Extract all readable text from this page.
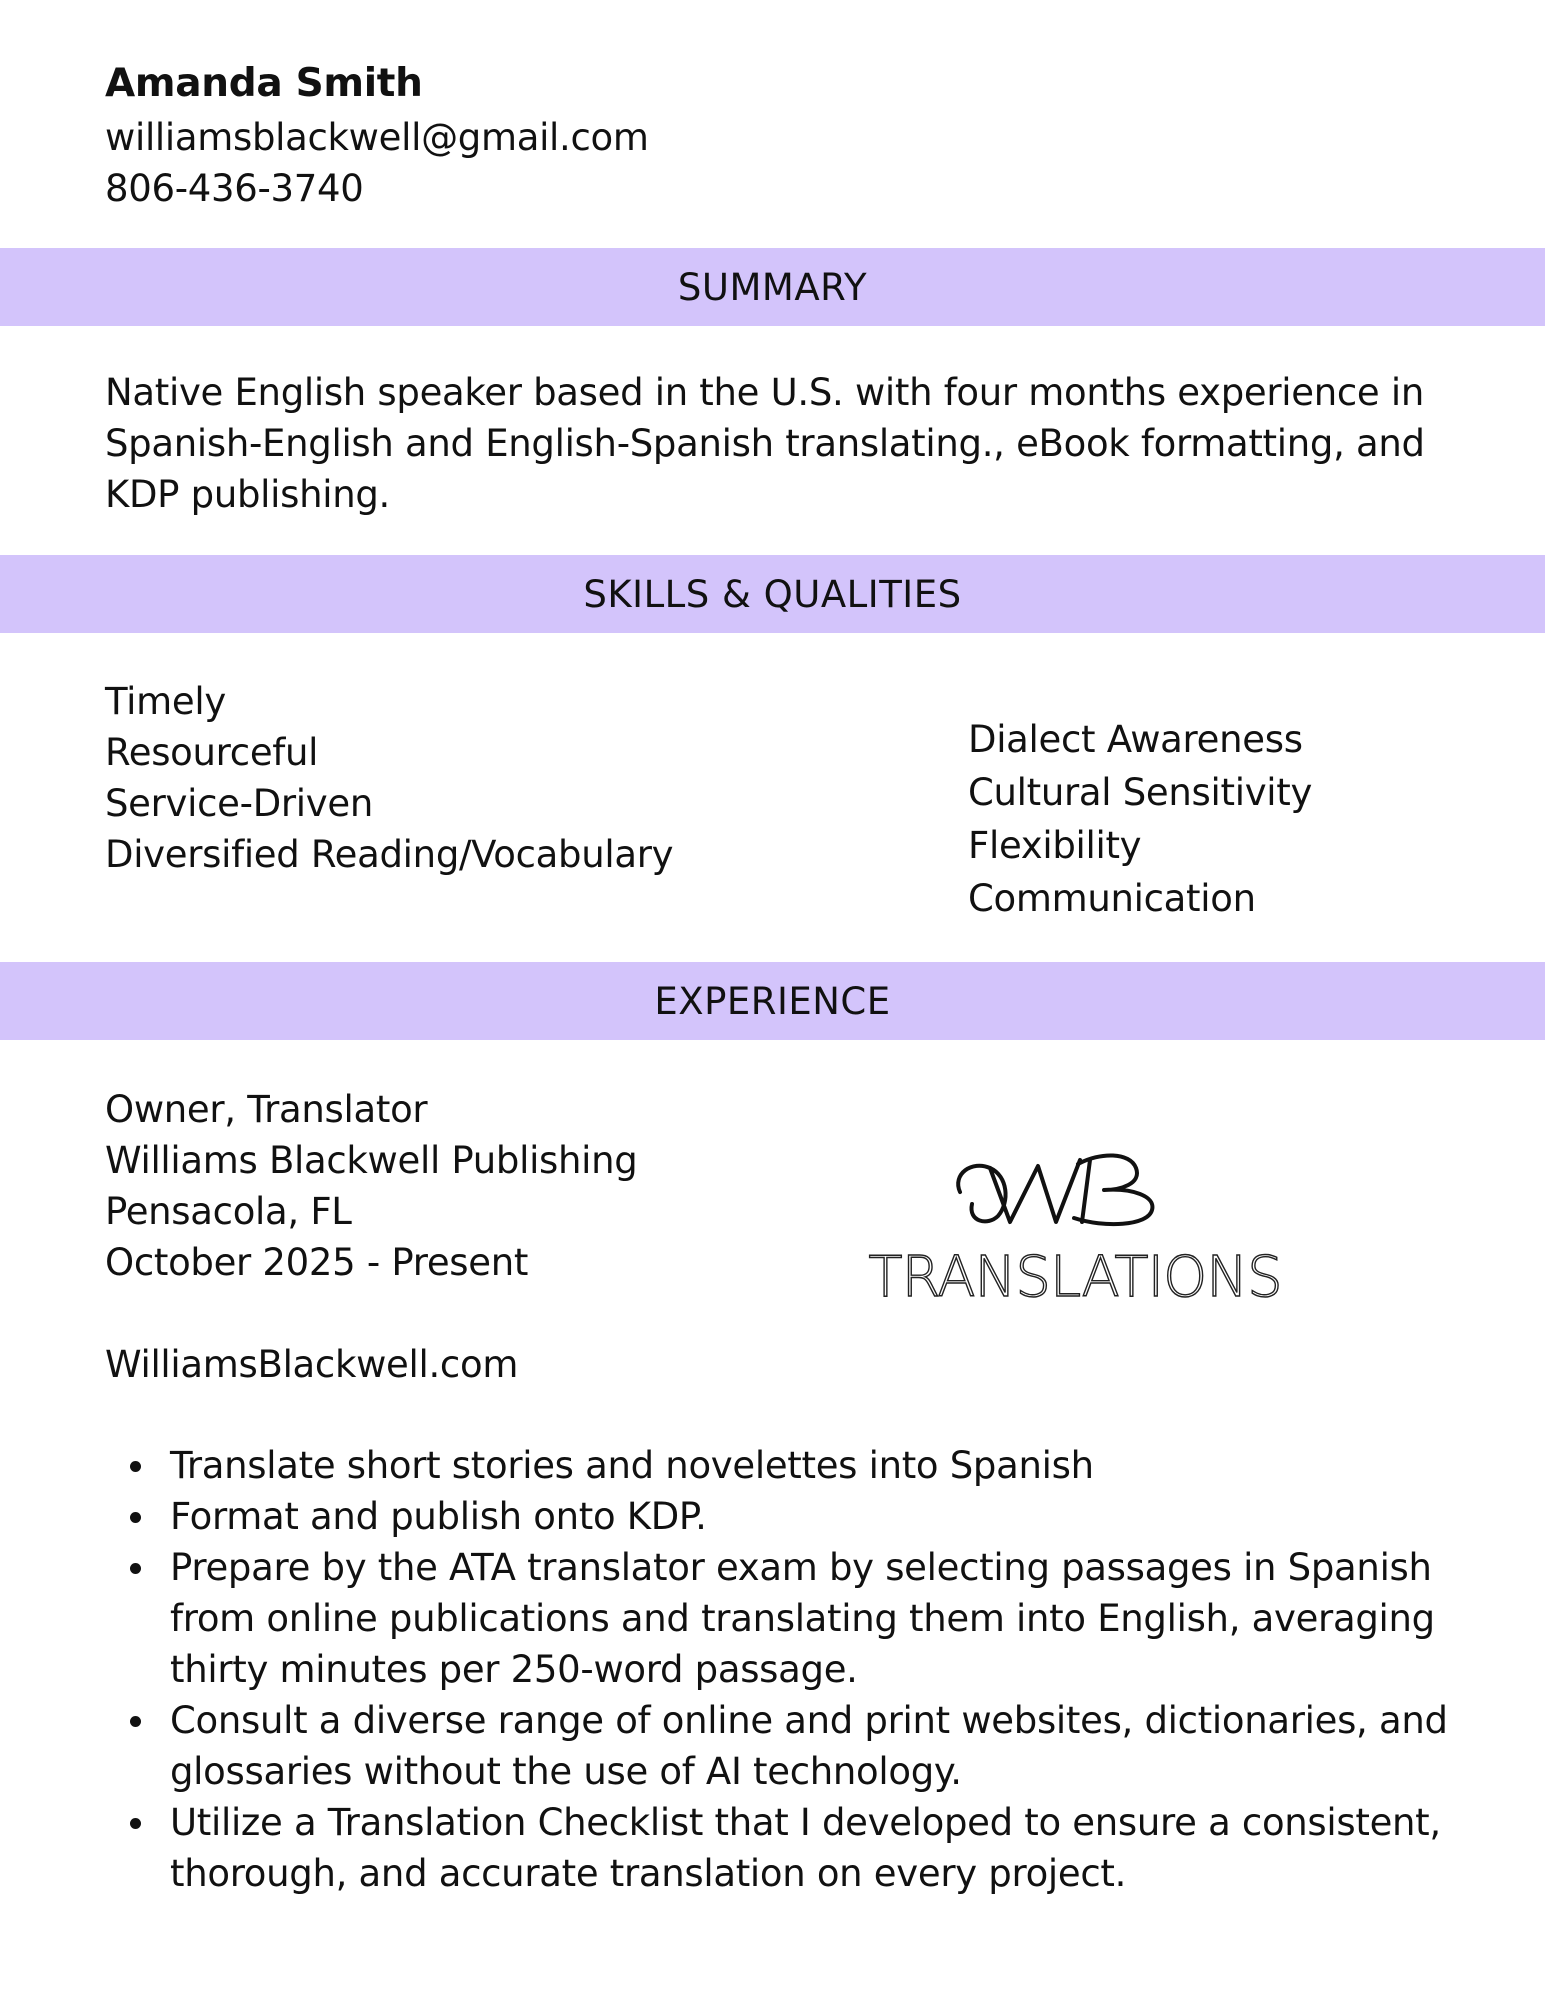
Amanda Smith
williamsblackwell@gmail.com
806-436-3740
SUMMARY
Native English speaker based in the U.S. with four months experience in Spanish-English and English-Spanish translating., eBook formatting, and KDP publishing.
SKILLS & QUALITIES
Timely
Resourceful
Service-Driven
Diversified Reading/Vocabulary
Dialect Awareness
Cultural Sensitivity
Flexibility
Communication
EXPERIENCE
Owner, Translator
Williams Blackwell Publishing
Pensacola, FL
October 2025 - Present
WilliamsBlackwell.com
TRANSLATIONS
Translate short stories and novelettes into Spanish
Format and publish onto KDP.
Prepare by the ATA translator exam by selecting passages in Spanish from online publications and translating them into English, averaging thirty minutes per 250-word passage.
Consult a diverse range of online and print websites, dictionaries, and glossaries without the use of AI technology.
Utilize a Translation Checklist that I developed to ensure a consistent, thorough, and accurate translation on every project.
